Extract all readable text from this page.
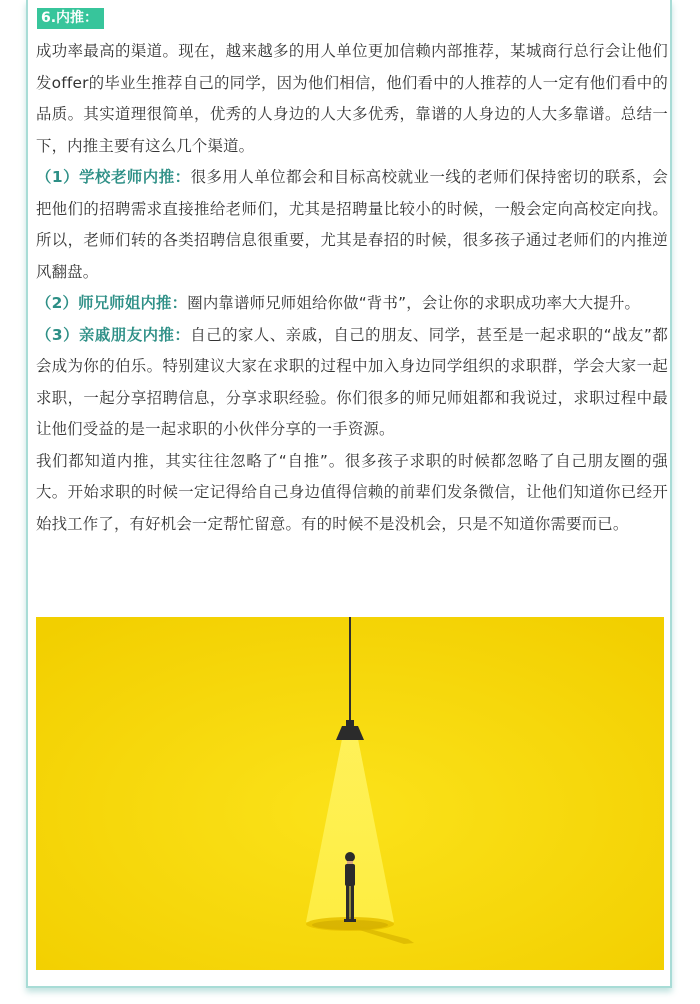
6.内推：

成功率最高的渠道。现在，越来越多的用人单位更加信赖内部推荐，某城商行总行会让他们发offer的毕业生推荐自己的同学，因为他们相信，他们看中的人推荐的人一定有他们看中的品质。其实道理很简单，优秀的人身边的人大多优秀，靠谱的人身边的人大多靠谱。总结一下，内推主要有这么几个渠道。

（1）学校老师内推：很多用人单位都会和目标高校就业一线的老师们保持密切的联系，会把他们的招聘需求直接推给老师们，尤其是招聘量比较小的时候，一般会定向高校定向找。所以，老师们转的各类招聘信息很重要，尤其是春招的时候，很多孩子通过老师们的内推逆风翻盘。

（2）师兄师姐内推：圈内靠谱师兄师姐给你做“背书”，会让你的求职成功率大大提升。

（3）亲戚朋友内推：自己的家人、亲戚，自己的朋友、同学，甚至是一起求职的“战友”都会成为你的伯乐。特别建议大家在求职的过程中加入身边同学组织的求职群，学会大家一起求职，一起分享招聘信息，分享求职经验。你们很多的师兄师姐都和我说过，求职过程中最让他们受益的是一起求职的小伙伴分享的一手资源。

我们都知道内推，其实往往忽略了“自推”。很多孩子求职的时候都忽略了自己朋友圈的强大。开始求职的时候一定记得给自己身边值得信赖的前辈们发条微信，让他们知道你已经开始找工作了，有好机会一定帮忙留意。有的时候不是没机会，只是不知道你需要而已。
